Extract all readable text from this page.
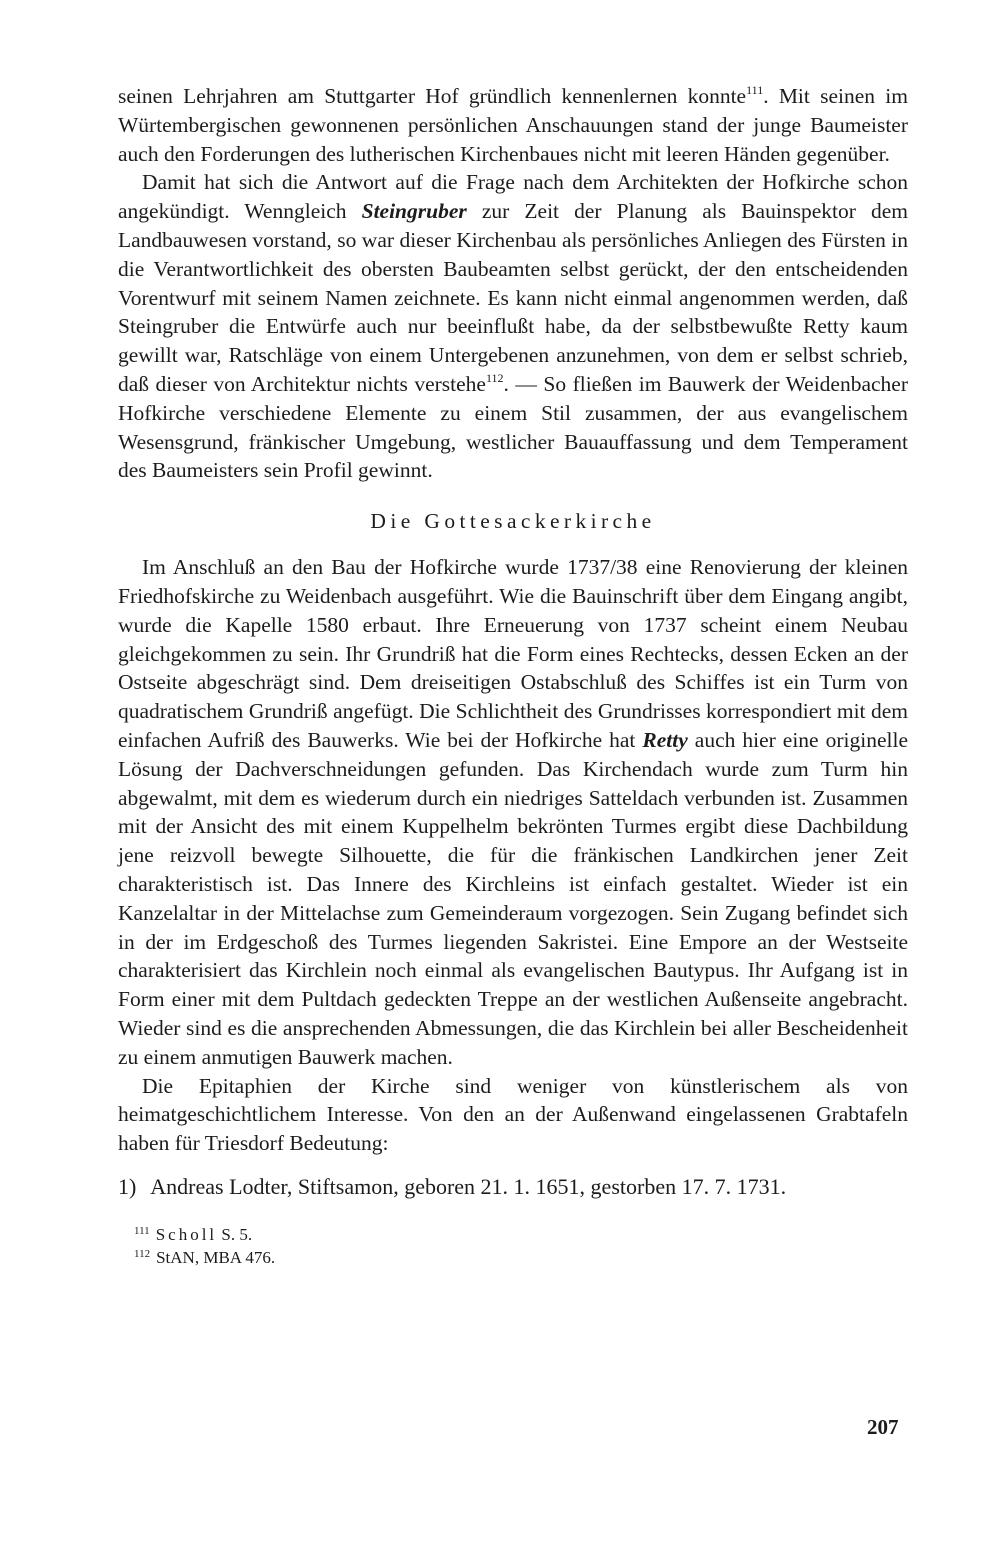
seinen Lehrjahren am Stuttgarter Hof gründlich kennenlernen konnte$^{111}$. Mit seinen im Würtembergischen gewonnenen persönlichen Anschauungen stand der junge Baumeister auch den Forderungen des lutherischen Kirchenbaues nicht mit leeren Händen gegenüber.

Damit hat sich die Antwort auf die Frage nach dem Architekten der Hofkirche schon angekündigt. Wenngleich Steingruber zur Zeit der Planung als Bauinspektor dem Landbauwesen vorstand, so war dieser Kirchenbau als persönliches Anliegen des Fürsten in die Verantwortlichkeit des obersten Baubeamten selbst gerückt, der den entscheidenden Vorentwurf mit seinem Namen zeichnete. Es kann nicht einmal angenommen werden, daß Steingruber die Entwürfe auch nur beeinflußt habe, da der selbstbewußte Retty kaum gewillt war, Ratschläge von einem Untergebenen anzunehmen, von dem er selbst schrieb, daß dieser von Architektur nichts verstehe$^{112}$. — So fließen im Bauwerk der Weidenbacher Hofkirche verschiedene Elemente zu einem Stil zusammen, der aus evangelischem Wesensgrund, fränkischer Umgebung, westlicher Bauauffassung und dem Temperament des Baumeisters sein Profil gewinnt.

Die Gottesackerkirche

Im Anschluß an den Bau der Hofkirche wurde 1737/38 eine Renovierung der kleinen Friedhofskirche zu Weidenbach ausgeführt. Wie die Bauinschrift über dem Eingang angibt, wurde die Kapelle 1580 erbaut. Ihre Erneuerung von 1737 scheint einem Neubau gleichgekommen zu sein. Ihr Grundriß hat die Form eines Rechtecks, dessen Ecken an der Ostseite abgeschrägt sind. Dem dreiseitigen Ostabschluß des Schiffes ist ein Turm von quadratischem Grundriß angefügt. Die Schlichtheit des Grundrisses korrespondiert mit dem einfachen Aufriß des Bauwerks. Wie bei der Hofkirche hat Retty auch hier eine originelle Lösung der Dachverschneidungen gefunden. Das Kirchendach wurde zum Turm hin abgewalmt, mit dem es wiederum durch ein niedriges Satteldach verbunden ist. Zusammen mit der Ansicht des mit einem Kuppelhelm bekrönten Turmes ergibt diese Dachbildung jene reizvoll bewegte Silhouette, die für die fränkischen Landkirchen jener Zeit charakteristisch ist. Das Innere des Kirchleins ist einfach gestaltet. Wieder ist ein Kanzelaltar in der Mittelachse zum Gemeinderaum vorgezogen. Sein Zugang befindet sich in der im Erdgeschoß des Turmes liegenden Sakristei. Eine Empore an der Westseite charakterisiert das Kirchlein noch einmal als evangelischen Bautypus. Ihr Aufgang ist in Form einer mit dem Pultdach gedeckten Treppe an der westlichen Außenseite angebracht. Wieder sind es die ansprechenden Abmessungen, die das Kirchlein bei aller Bescheidenheit zu einem anmutigen Bauwerk machen.

Die Epitaphien der Kirche sind weniger von künstlerischem als von heimatgeschichtlichem Interesse. Von den an der Außenwand eingelassenen Grabtafeln haben für Triesdorf Bedeutung:

1) Andreas Lodter, Stiftsamon, geboren 21. 1. 1651, gestorben 17. 7. 1731.
$^{111}$ Scholl S. 5.
$^{112}$ StAN, MBA 476.
207
